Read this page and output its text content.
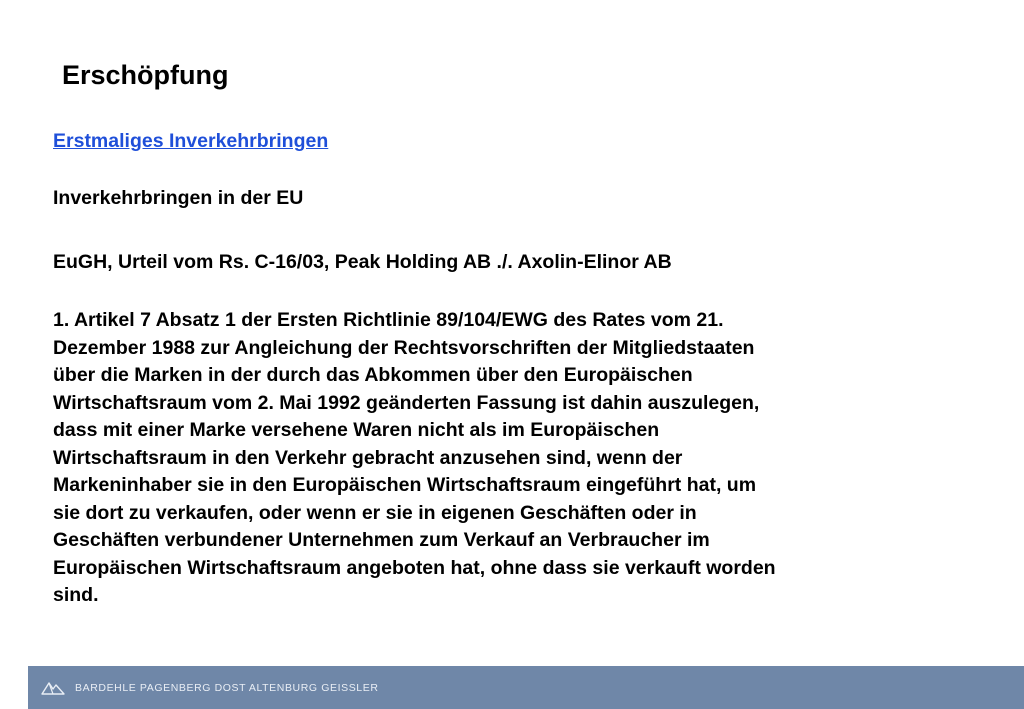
Erschöpfung
Erstmaliges Inverkehrbringen
Inverkehrbringen in der EU
EuGH, Urteil vom Rs. C-16/03, Peak Holding AB ./. Axolin-Elinor AB

1. Artikel 7 Absatz 1 der Ersten Richtlinie 89/104/EWG des Rates vom 21.
Dezember 1988 zur Angleichung der Rechtsvorschriften der Mitgliedstaaten
über die Marken in der durch das Abkommen über den Europäischen
Wirtschaftsraum vom 2. Mai 1992 geänderten Fassung ist dahin auszulegen,
dass mit einer Marke versehene Waren nicht als im Europäischen
Wirtschaftsraum in den Verkehr gebracht anzusehen sind, wenn der
Markeninhaber sie in den Europäischen Wirtschaftsraum eingeführt hat, um
sie dort zu verkaufen, oder wenn er sie in eigenen Geschäften oder in
Geschäften verbundener Unternehmen zum Verkauf an Verbraucher im
Europäischen Wirtschaftsraum angeboten hat, ohne dass sie verkauft worden
sind.

BARDEHLE PAGENBERG DOST ALTENBURG GEISSLER
